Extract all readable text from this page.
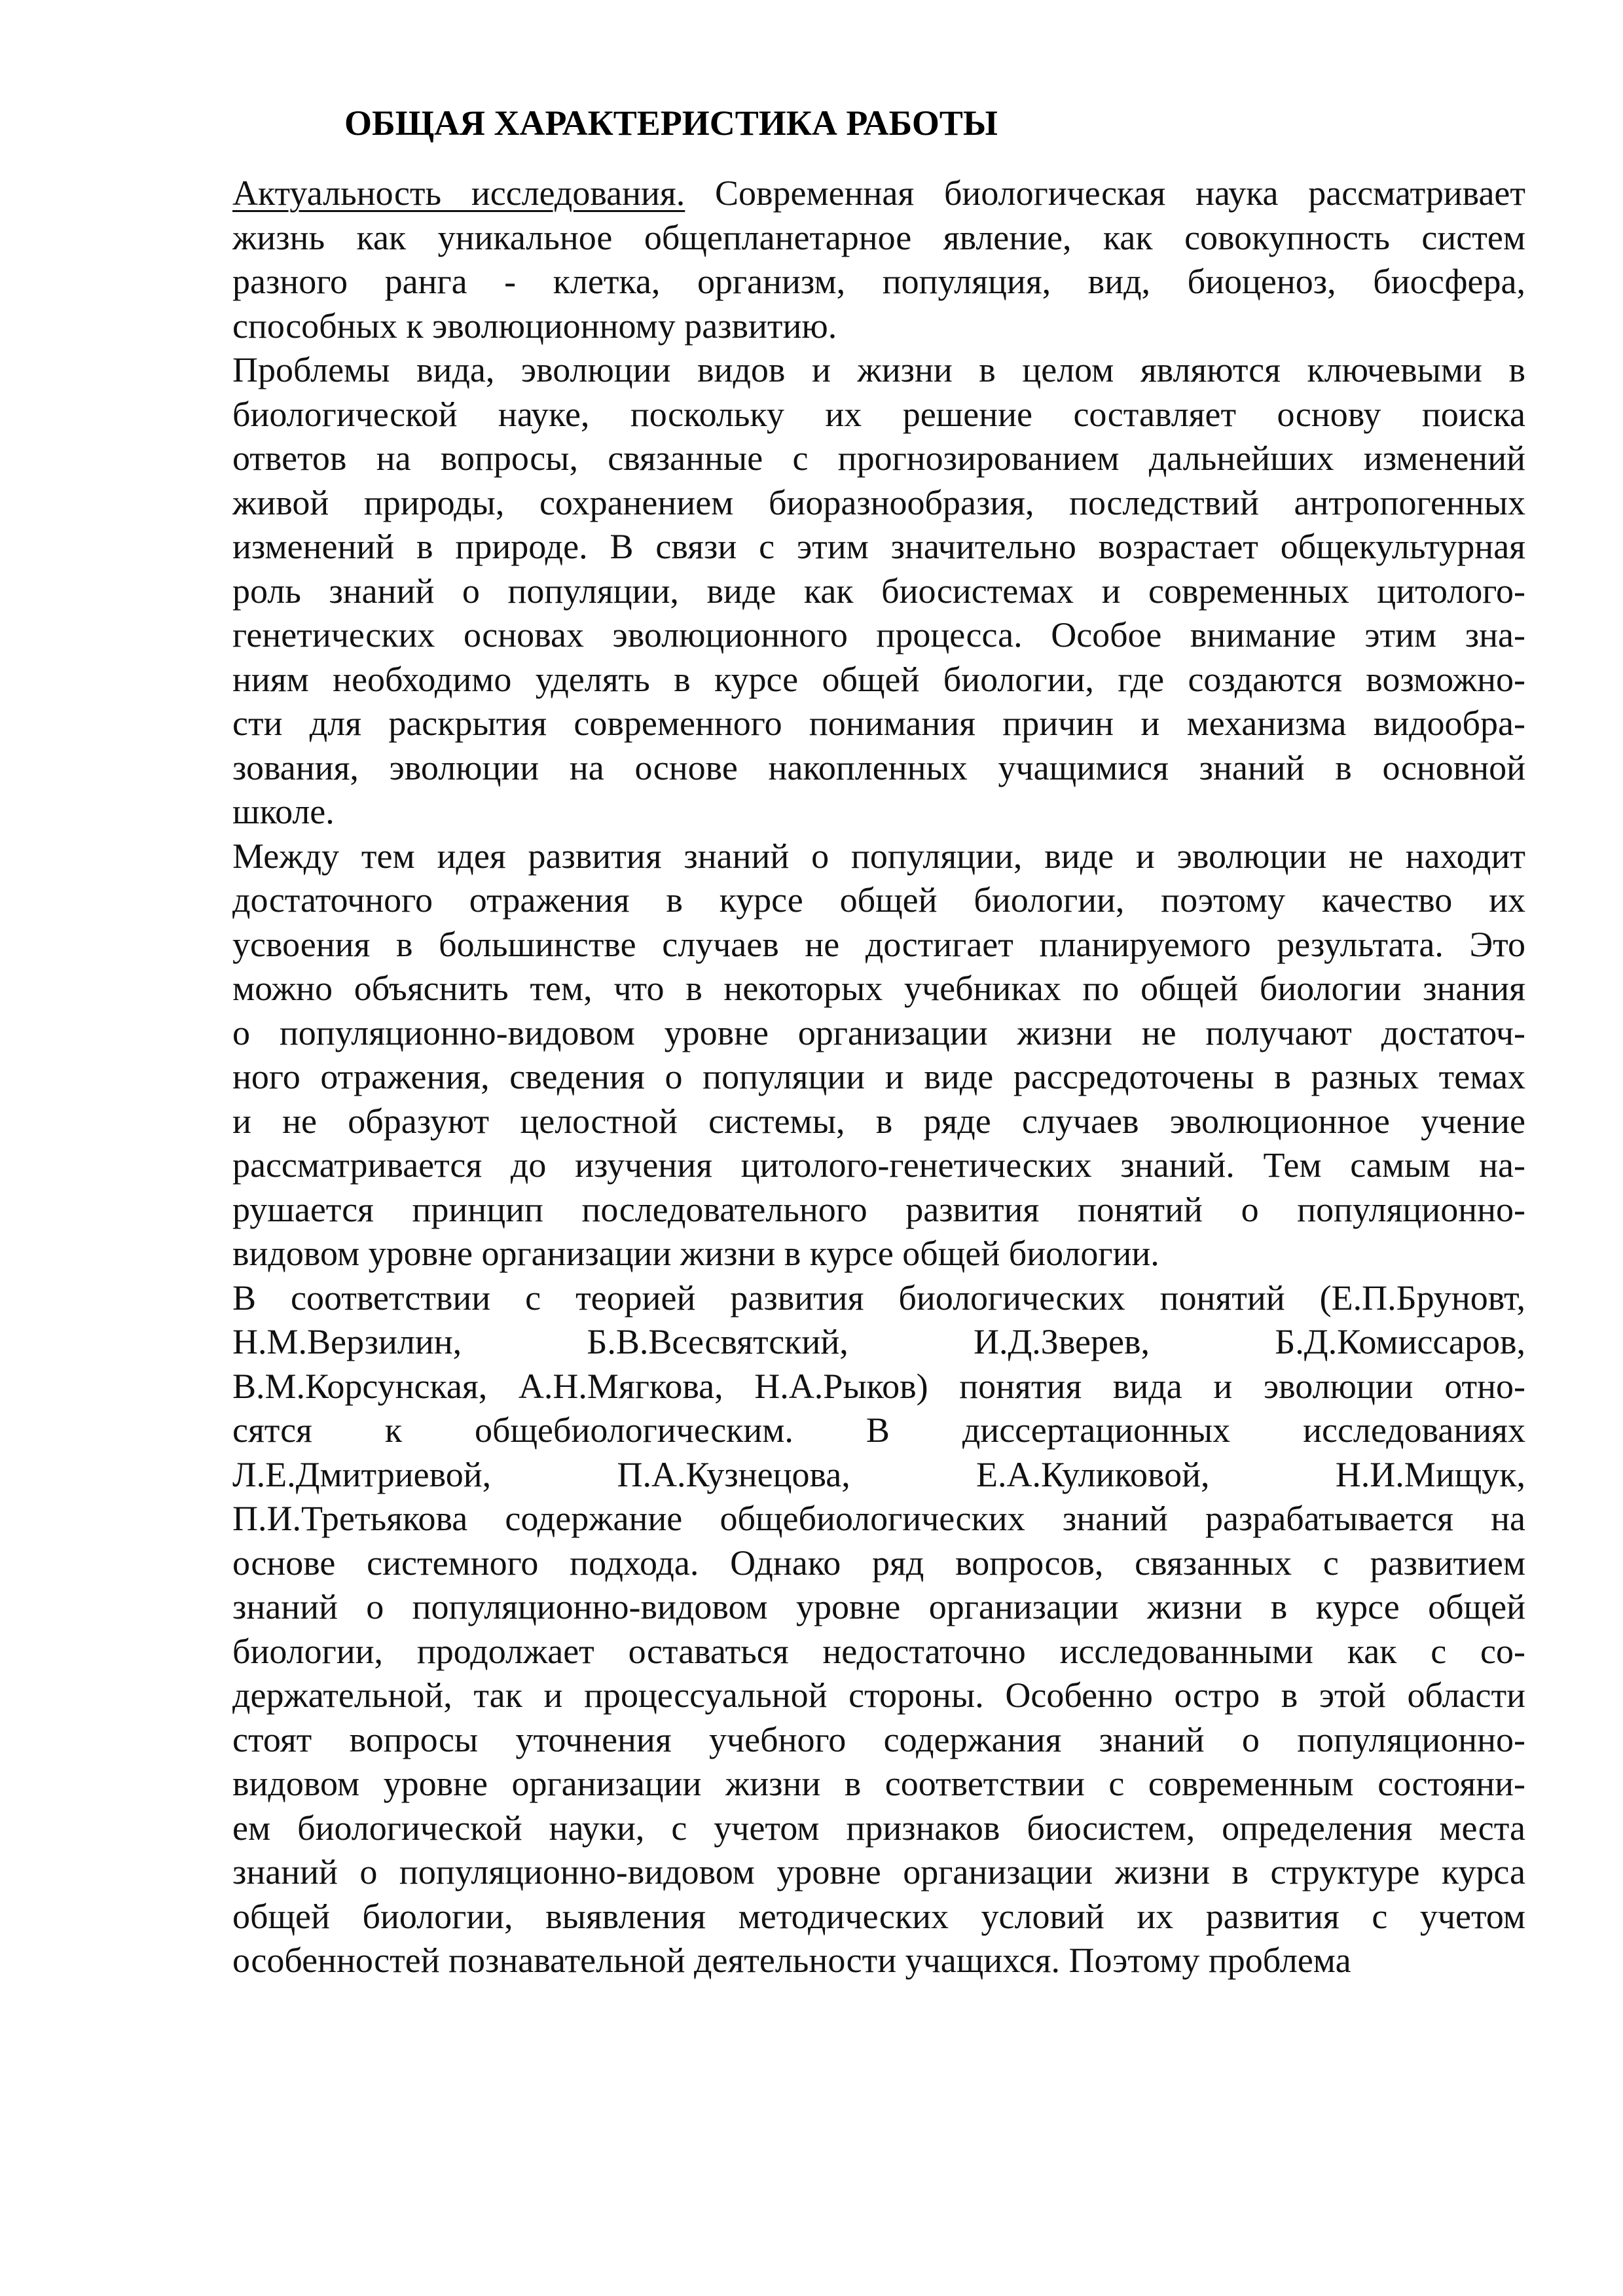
ОБЩАЯ ХАРАКТЕРИСТИКА РАБОТЫ
Актуальность исследования. Современная биологическая наука рассматривает
жизнь как уникальное общепланетарное явление, как совокупность систем
разного ранга - клетка, организм, популяция, вид, биоценоз, биосфера,
способных к эволюционному развитию.
Проблемы вида, эволюции видов и жизни в целом являются ключевыми в
биологической науке, поскольку их решение составляет основу поиска
ответов на вопросы, связанные с прогнозированием дальнейших изменений
живой природы, сохранением биоразнообразия, последствий антропогенных
изменений в природе. В связи с этим значительно возрастает общекультурная
роль знаний о популяции, виде как биосистемах и современных цитолого-
генетических основах эволюционного процесса. Особое внимание этим зна-
ниям необходимо уделять в курсе общей биологии, где создаются возможно-
сти для раскрытия современного понимания причин и механизма видообра-
зования, эволюции на основе накопленных учащимися знаний в основной
школе.
Между тем идея развития знаний о популяции, виде и эволюции не находит
достаточного отражения в курсе общей биологии, поэтому качество их
усвоения в большинстве случаев не достигает планируемого результата. Это
можно объяснить тем, что в некоторых учебниках по общей биологии знания
о популяционно-видовом уровне организации жизни не получают достаточ-
ного отражения, сведения о популяции и виде рассредоточены в разных темах
и не образуют целостной системы, в ряде случаев эволюционное учение
рассматривается до изучения цитолого-генетических знаний. Тем самым на-
рушается принцип последовательного развития понятий о популяционно-
видовом уровне организации жизни в курсе общей биологии.
В соответствии с теорией развития биологических понятий (Е.П.Бруновт,
Н.М.Верзилин, Б.В.Всесвятский, И.Д.Зверев, Б.Д.Комиссаров,
В.М.Корсунская, А.Н.Мягкова, Н.А.Рыков) понятия вида и эволюции отно-
сятся к общебиологическим. В диссертационных исследованиях
Л.Е.Дмитриевой, П.А.Кузнецова, Е.А.Куликовой, Н.И.Мищук,
П.И.Третьякова содержание общебиологических знаний разрабатывается на
основе системного подхода. Однако ряд вопросов, связанных с развитием
знаний о популяционно-видовом уровне организации жизни в курсе общей
биологии, продолжает оставаться недостаточно исследованными как с со-
держательной, так и процессуальной стороны. Особенно остро в этой области
стоят вопросы уточнения учебного содержания знаний о популяционно-
видовом уровне организации жизни в соответствии с современным состояни-
ем биологической науки, с учетом признаков биосистем, определения места
знаний о популяционно-видовом уровне организации жизни в структуре курса
общей биологии, выявления методических условий их развития с учетом
особенностей познавательной деятельности учащихся. Поэтому проблема
